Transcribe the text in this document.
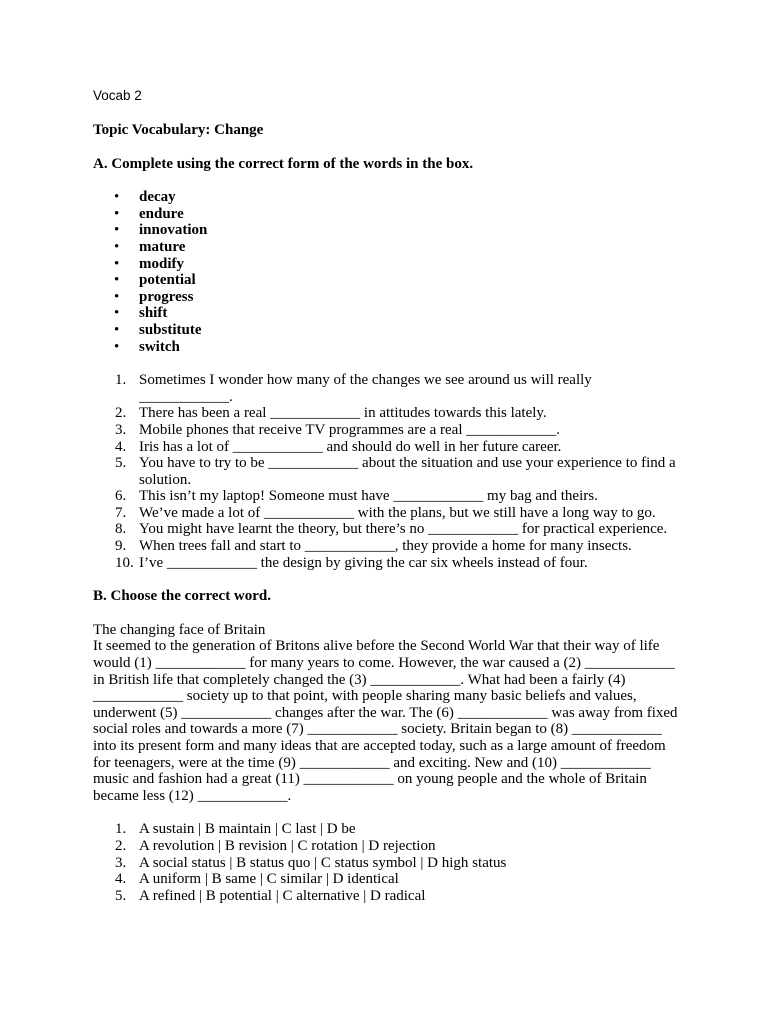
Vocab 2

Topic Vocabulary: Change

A. Complete using the correct form of the words in the box.

• decay
• endure
• innovation
• mature
• modify
• potential
• progress
• shift
• substitute
• switch
1. Sometimes I wonder how many of the changes we see around us will really ____________.
2. There has been a real ____________ in attitudes towards this lately.
3. Mobile phones that receive TV programmes are a real ____________.
4. Iris has a lot of ____________ and should do well in her future career.
5. You have to try to be ____________ about the situation and use your experience to find a solution.
6. This isn’t my laptop! Someone must have ____________ my bag and theirs.
7. We’ve made a lot of ____________ with the plans, but we still have a long way to go.
8. You might have learnt the theory, but there’s no ____________ for practical experience.
9. When trees fall and start to ____________, they provide a home for many insects.
10. I’ve ____________ the design by giving the car six wheels instead of four.

B. Choose the correct word.

The changing face of Britain

It seemed to the generation of Britons alive before the Second World War that their way of life would (1) ____________ for many years to come. However, the war caused a (2) ____________ in British life that completely changed the (3) ____________. What had been a fairly (4) ____________ society up to that point, with people sharing many basic beliefs and values, underwent (5) ____________ changes after the war. The (6) ____________ was away from fixed social roles and towards a more (7) ____________ society. Britain began to (8) ____________ into its present form and many ideas that are accepted today, such as a large amount of freedom for teenagers, were at the time (9) ____________ and exciting. New and (10) ____________ music and fashion had a great (11) ____________ on young people and the whole of Britain became less (12) ____________.

1. A sustain | B maintain | C last | D be
2. A revolution | B revision | C rotation | D rejection
3. A social status | B status quo | C status symbol | D high status
4. A uniform | B same | C similar | D identical
5. A refined | B potential | C alternative | D radical
